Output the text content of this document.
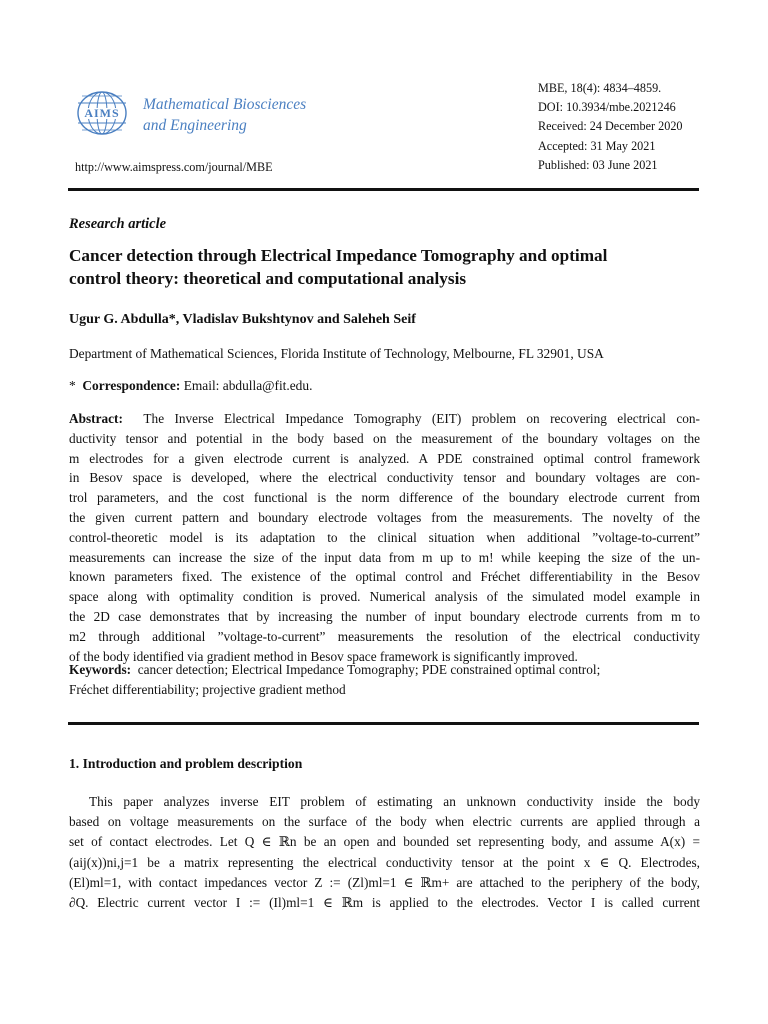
AIMS	Mathematical Biosciences
and Engineering
http://www.aimspress.com/journal/MBE
MBE, 18(4): 4834–4859.
DOI: 10.3934/mbe.2021246
Received: 24 December 2020
Accepted: 31 May 2021
Published: 03 June 2021
Research article
Cancer detection through Electrical Impedance Tomography and optimal
control theory: theoretical and computational analysis
Ugur G. Abdulla*, Vladislav Bukshtynov and Saleheh Seif
Department of Mathematical Sciences, Florida Institute of Technology, Melbourne, FL 32901, USA
*  Correspondence: Email: abdulla@fit.edu.
Abstract: The Inverse Electrical Impedance Tomography (EIT) problem on recovering electrical con-
ductivity tensor and potential in the body based on the measurement of the boundary voltages on the
m electrodes for a given electrode current is analyzed. A PDE constrained optimal control framework
in Besov space is developed, where the electrical conductivity tensor and boundary voltages are con-
trol parameters, and the cost functional is the norm difference of the boundary electrode current from
the given current pattern and boundary electrode voltages from the measurements. The novelty of the
control-theoretic model is its adaptation to the clinical situation when additional ”voltage-to-current”
measurements can increase the size of the input data from m up to m! while keeping the size of the un-
known parameters fixed. The existence of the optimal control and Fréchet differentiability in the Besov
space along with optimality condition is proved. Numerical analysis of the simulated model example in
the 2D case demonstrates that by increasing the number of input boundary electrode currents from m to
m2 through additional ”voltage-to-current” measurements the resolution of the electrical conductivity
of the body identified via gradient method in Besov space framework is significantly improved.
Keywords: cancer detection; Electrical Impedance Tomography; PDE constrained optimal control;
Fréchet differentiability; projective gradient method
1. Introduction and problem description
This paper analyzes inverse EIT problem of estimating an unknown conductivity inside the body
based on voltage measurements on the surface of the body when electric currents are applied through a
set of contact electrodes. Let Q ∈ ℝn be an open and bounded set representing body, and assume A(x) =
(aij(x))ni,j=1 be a matrix representing the electrical conductivity tensor at the point x ∈ Q. Electrodes,
(El)ml=1, with contact impedances vector Z := (Zl)ml=1 ∈ ℝm+ are attached to the periphery of the body,
∂Q. Electric current vector I := (Il)ml=1 ∈ ℝm is applied to the electrodes. Vector I is called current
